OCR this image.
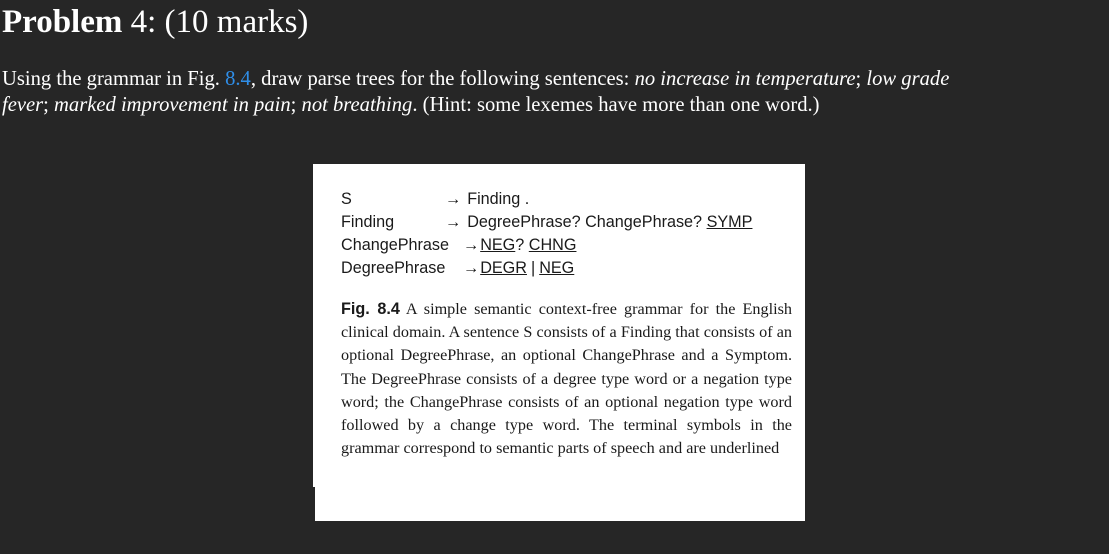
Problem 4: (10 marks)

Using the grammar in Fig. 8.4, draw parse trees for the following sentences: no increase in temperature; low grade
fever; marked improvement in pain; not breathing. (Hint: some lexemes have more than one word.)

S	→ Finding .
Finding	→ DegreePhrase? ChangePhrase? SYMP
ChangePhrase →NEG? CHNG
DegreePhrase →DEGR | NEG

Fig. 8.4 A simple semantic context-free grammar for the English clinical domain. A sentence S consists of a Finding that consists of an optional DegreePhrase, an optional ChangePhrase and a Symptom. The DegreePhrase consists of a degree type word or a negation type word; the ChangePhrase consists of an optional negation type word followed by a change type word. The terminal symbols in the grammar correspond to semantic parts of speech and are underlined
